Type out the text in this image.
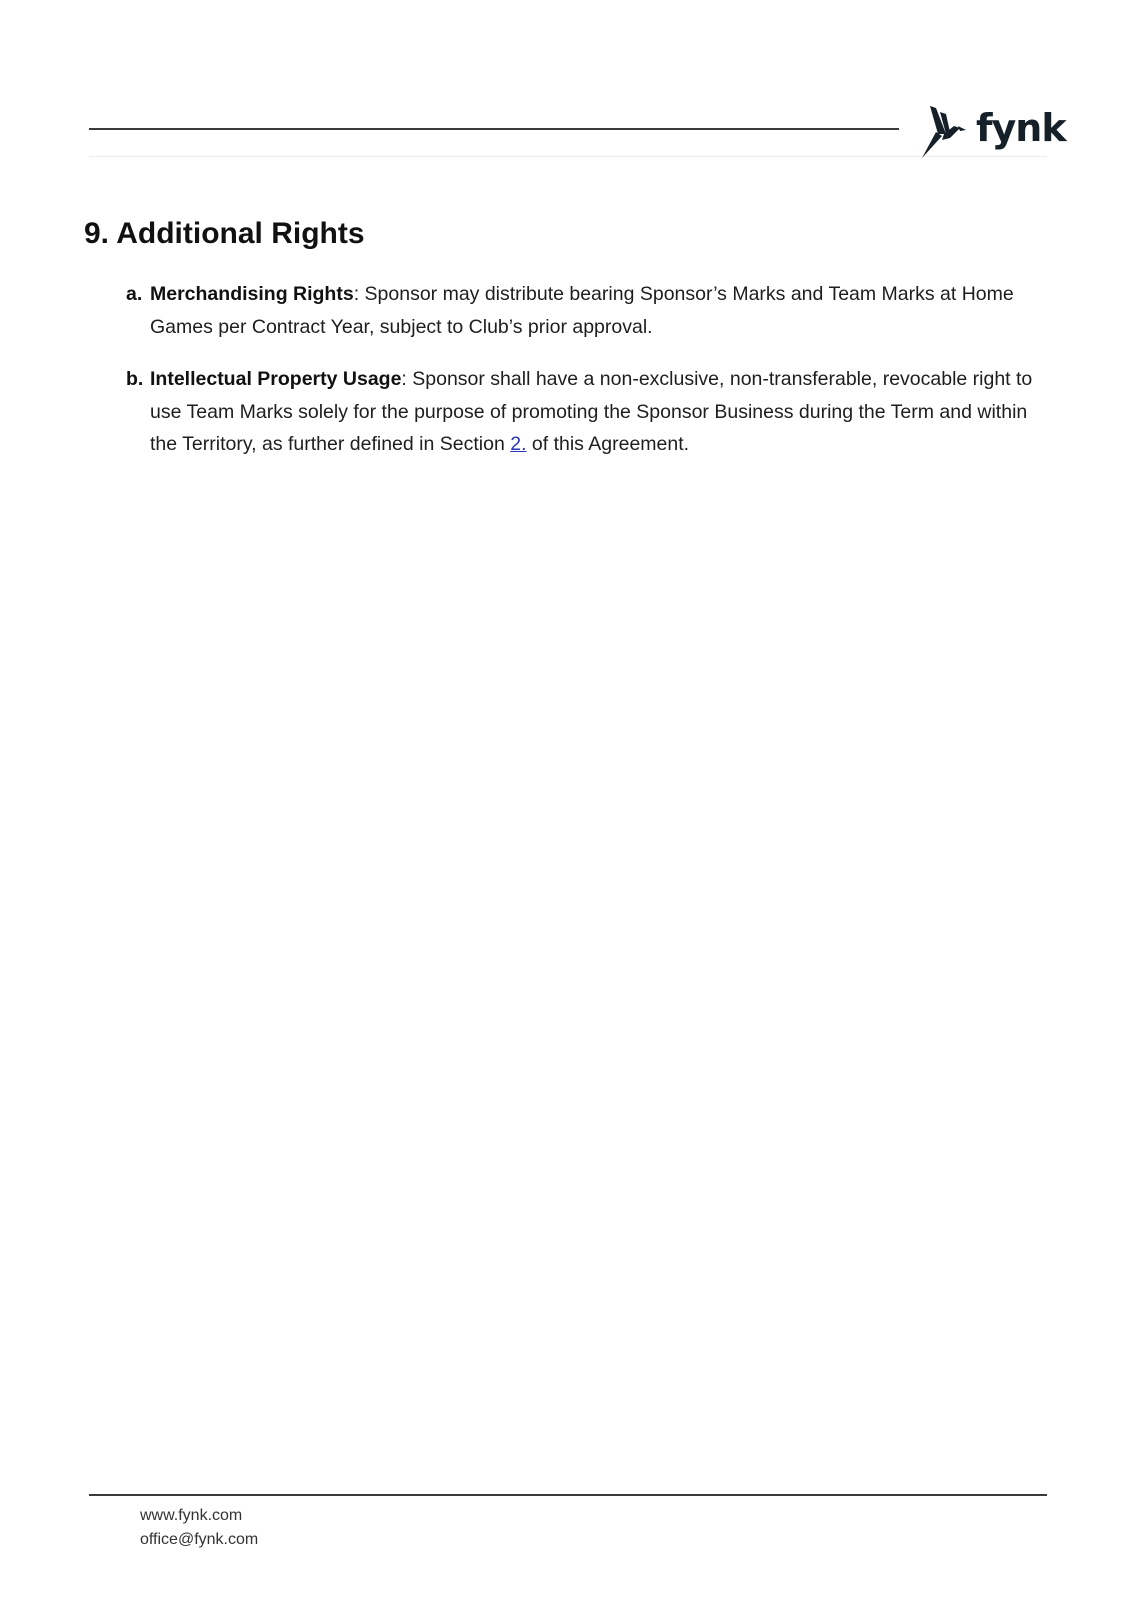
fynk
9. Additional Rights
a. Merchandising Rights: Sponsor may distribute bearing Sponsor’s Marks and Team Marks at Home Games per Contract Year, subject to Club’s prior approval.
b. Intellectual Property Usage: Sponsor shall have a non-exclusive, non-transferable, revocable right to use Team Marks solely for the purpose of promoting the Sponsor Business during the Term and within the Territory, as further defined in Section 2. of this Agreement.
www.fynk.com
office@fynk.com
